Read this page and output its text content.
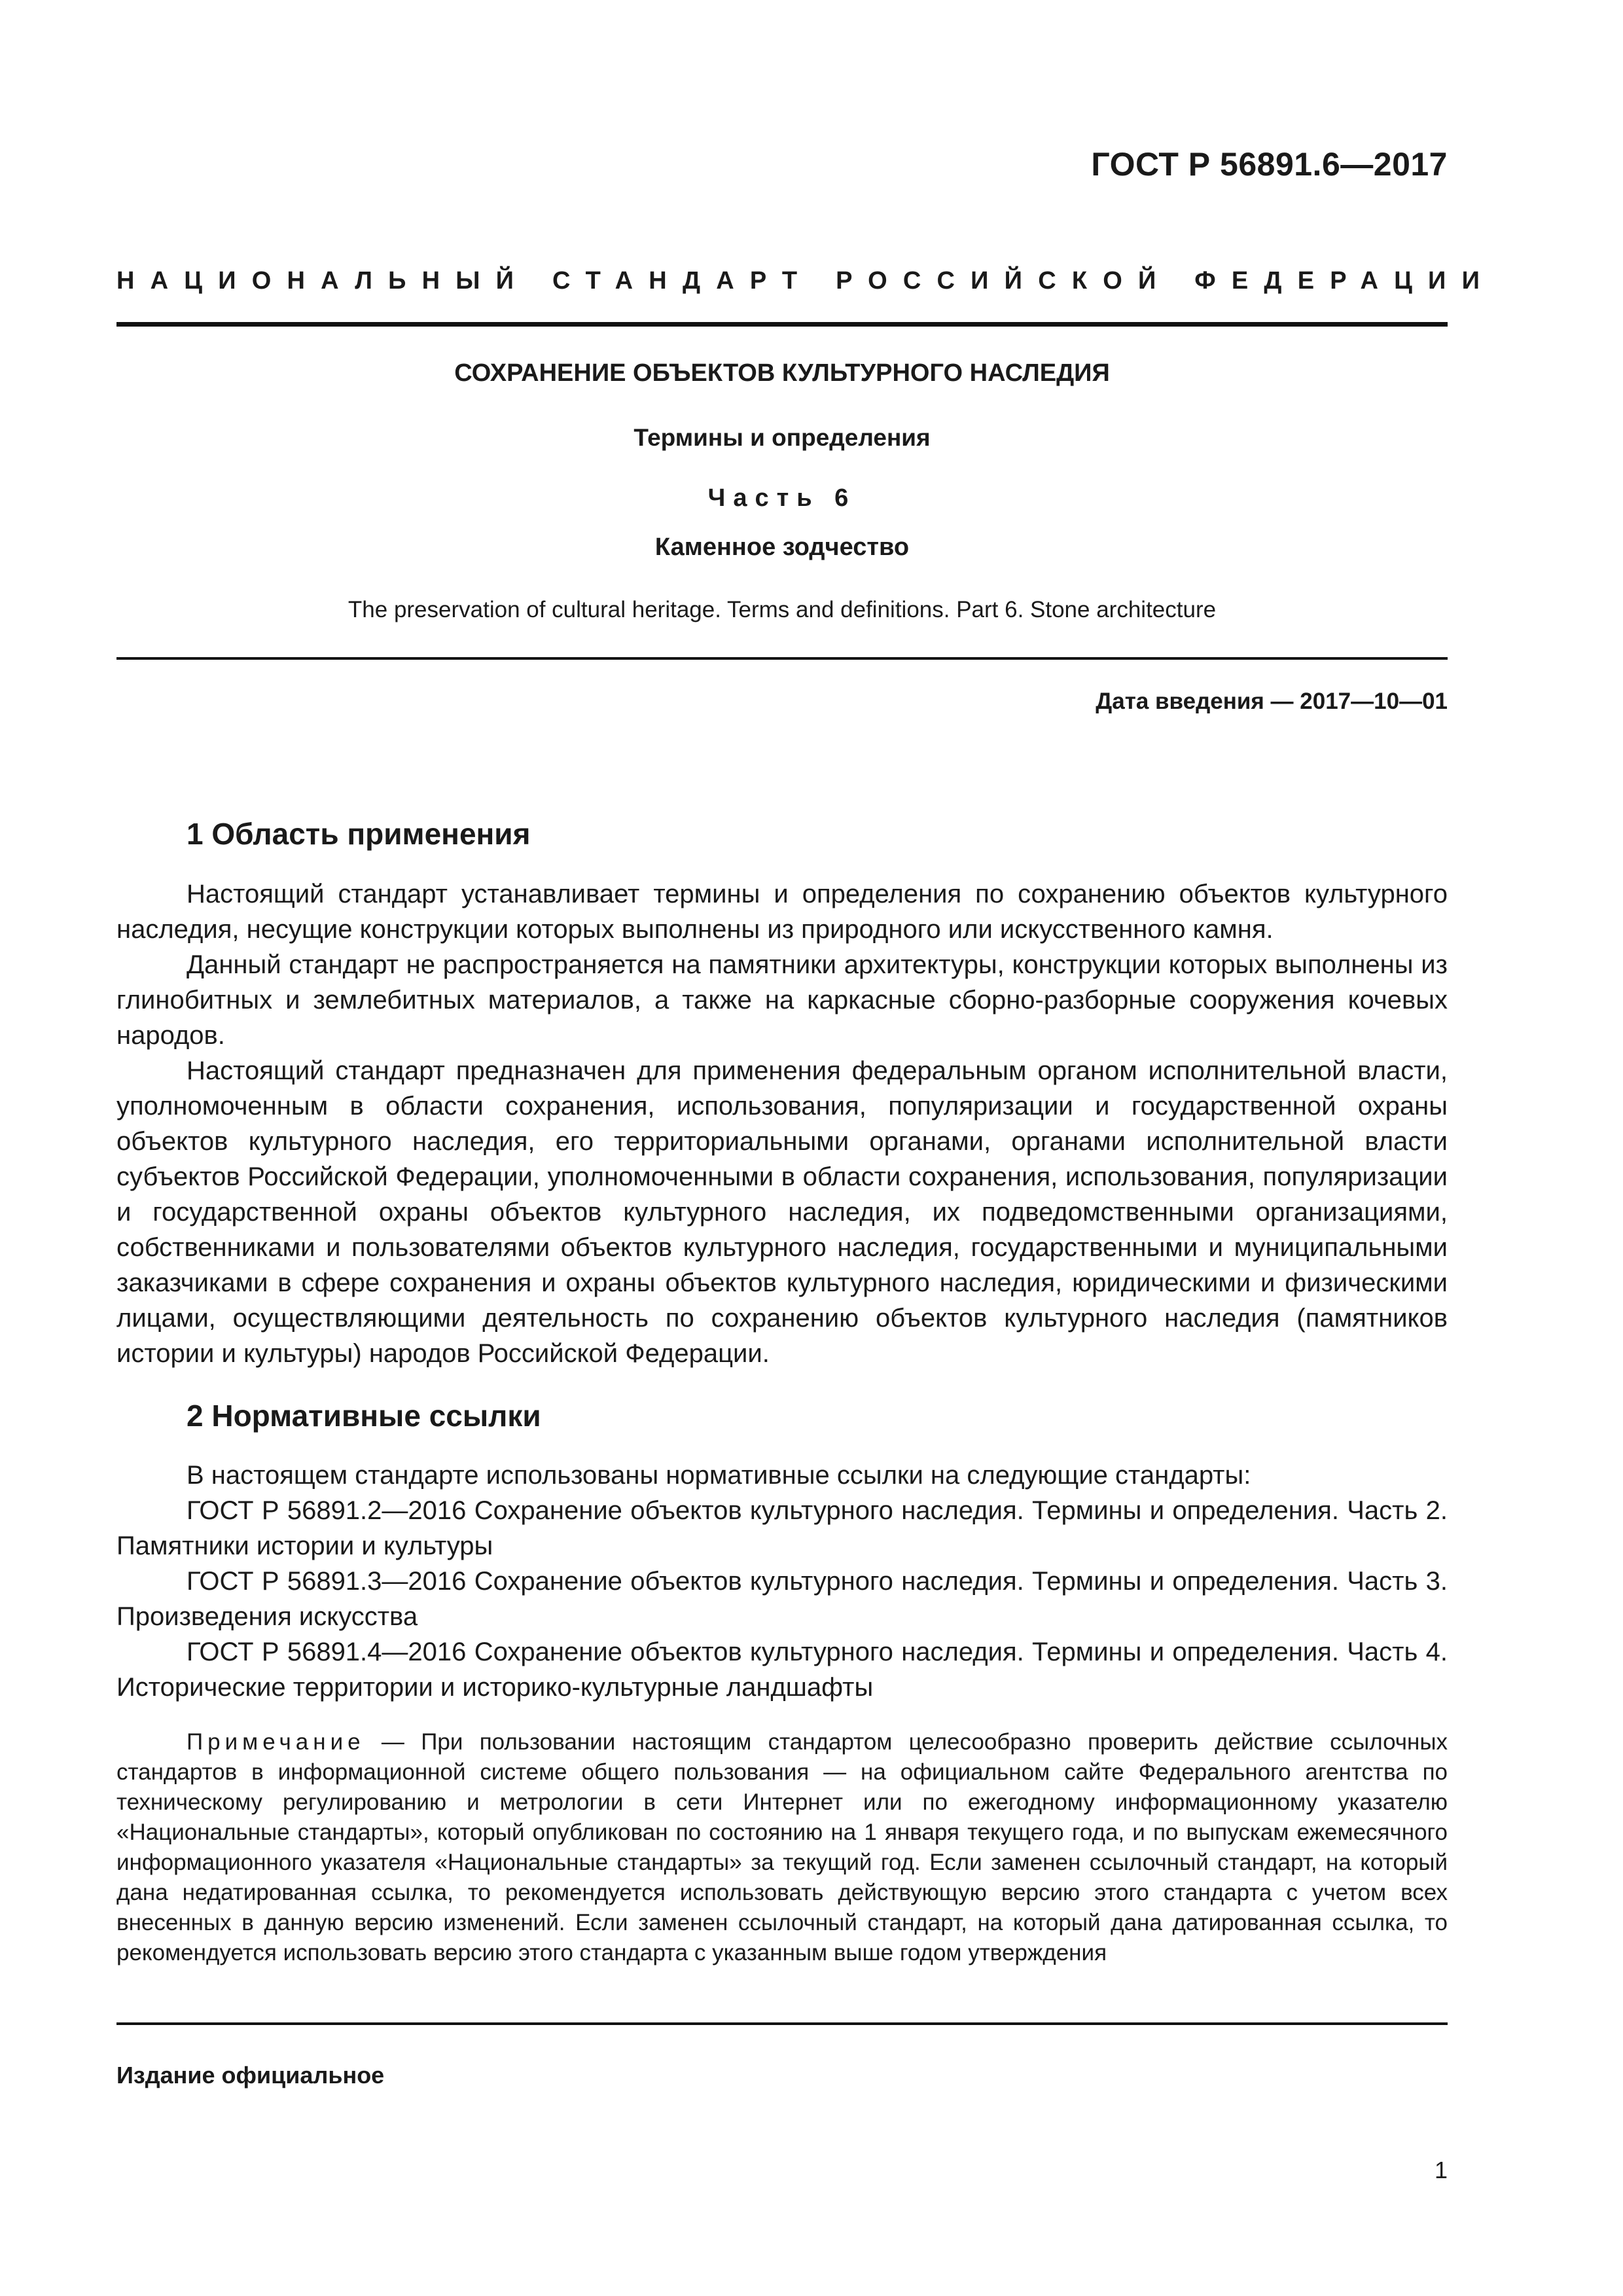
ГОСТ Р 56891.6—2017
НАЦИОНАЛЬНЫЙ СТАНДАРТ РОССИЙСКОЙ ФЕДЕРАЦИИ
СОХРАНЕНИЕ ОБЪЕКТОВ КУЛЬТУРНОГО НАСЛЕДИЯ
Термины и определения
Часть 6
Каменное зодчество
The preservation of cultural heritage. Terms and definitions. Part 6. Stone architecture
Дата введения — 2017—10—01
1 Область применения

Настоящий стандарт устанавливает термины и определения по сохранению объектов культурного наследия, несущие конструкции которых выполнены из природного или искусственного камня.

Данный стандарт не распространяется на памятники архитектуры, конструкции которых выполнены из глинобитных и землебитных материалов, а также на каркасные сборно-разборные сооружения кочевых народов.

Настоящий стандарт предназначен для применения федеральным органом исполнительной власти, уполномоченным в области сохранения, использования, популяризации и государственной охраны объектов культурного наследия, его территориальными органами, органами исполнительной власти субъектов Российской Федерации, уполномоченными в области сохранения, использования, популяризации и государственной охраны объектов культурного наследия, их подведомственными организациями, собственниками и пользователями объектов культурного наследия, государственными и муниципальными заказчиками в сфере сохранения и охраны объектов культурного наследия, юридическими и физическими лицами, осуществляющими деятельность по сохранению объектов культурного наследия (памятников истории и культуры) народов Российской Федерации.

2 Нормативные ссылки

В настоящем стандарте использованы нормативные ссылки на следующие стандарты:

ГОСТ Р 56891.2—2016 Сохранение объектов культурного наследия. Термины и определения. Часть 2. Памятники истории и культуры

ГОСТ Р 56891.3—2016 Сохранение объектов культурного наследия. Термины и определения. Часть 3. Произведения искусства

ГОСТ Р 56891.4—2016 Сохранение объектов культурного наследия. Термины и определения. Часть 4. Исторические территории и историко-культурные ландшафты

Примечание — При пользовании настоящим стандартом целесообразно проверить действие ссылочных стандартов в информационной системе общего пользования — на официальном сайте Федерального агентства по техническому регулированию и метрологии в сети Интернет или по ежегодному информационному указателю «Национальные стандарты», который опубликован по состоянию на 1 января текущего года, и по выпускам ежемесячного информационного указателя «Национальные стандарты» за текущий год. Если заменен ссылочный стандарт, на который дана недатированная ссылка, то рекомендуется использовать действующую версию этого стандарта с учетом всех внесенных в данную версию изменений. Если заменен ссылочный стандарт, на который дана датированная ссылка, то рекомендуется использовать версию этого стандарта с указанным выше годом утверждения

Издание официальное
1
